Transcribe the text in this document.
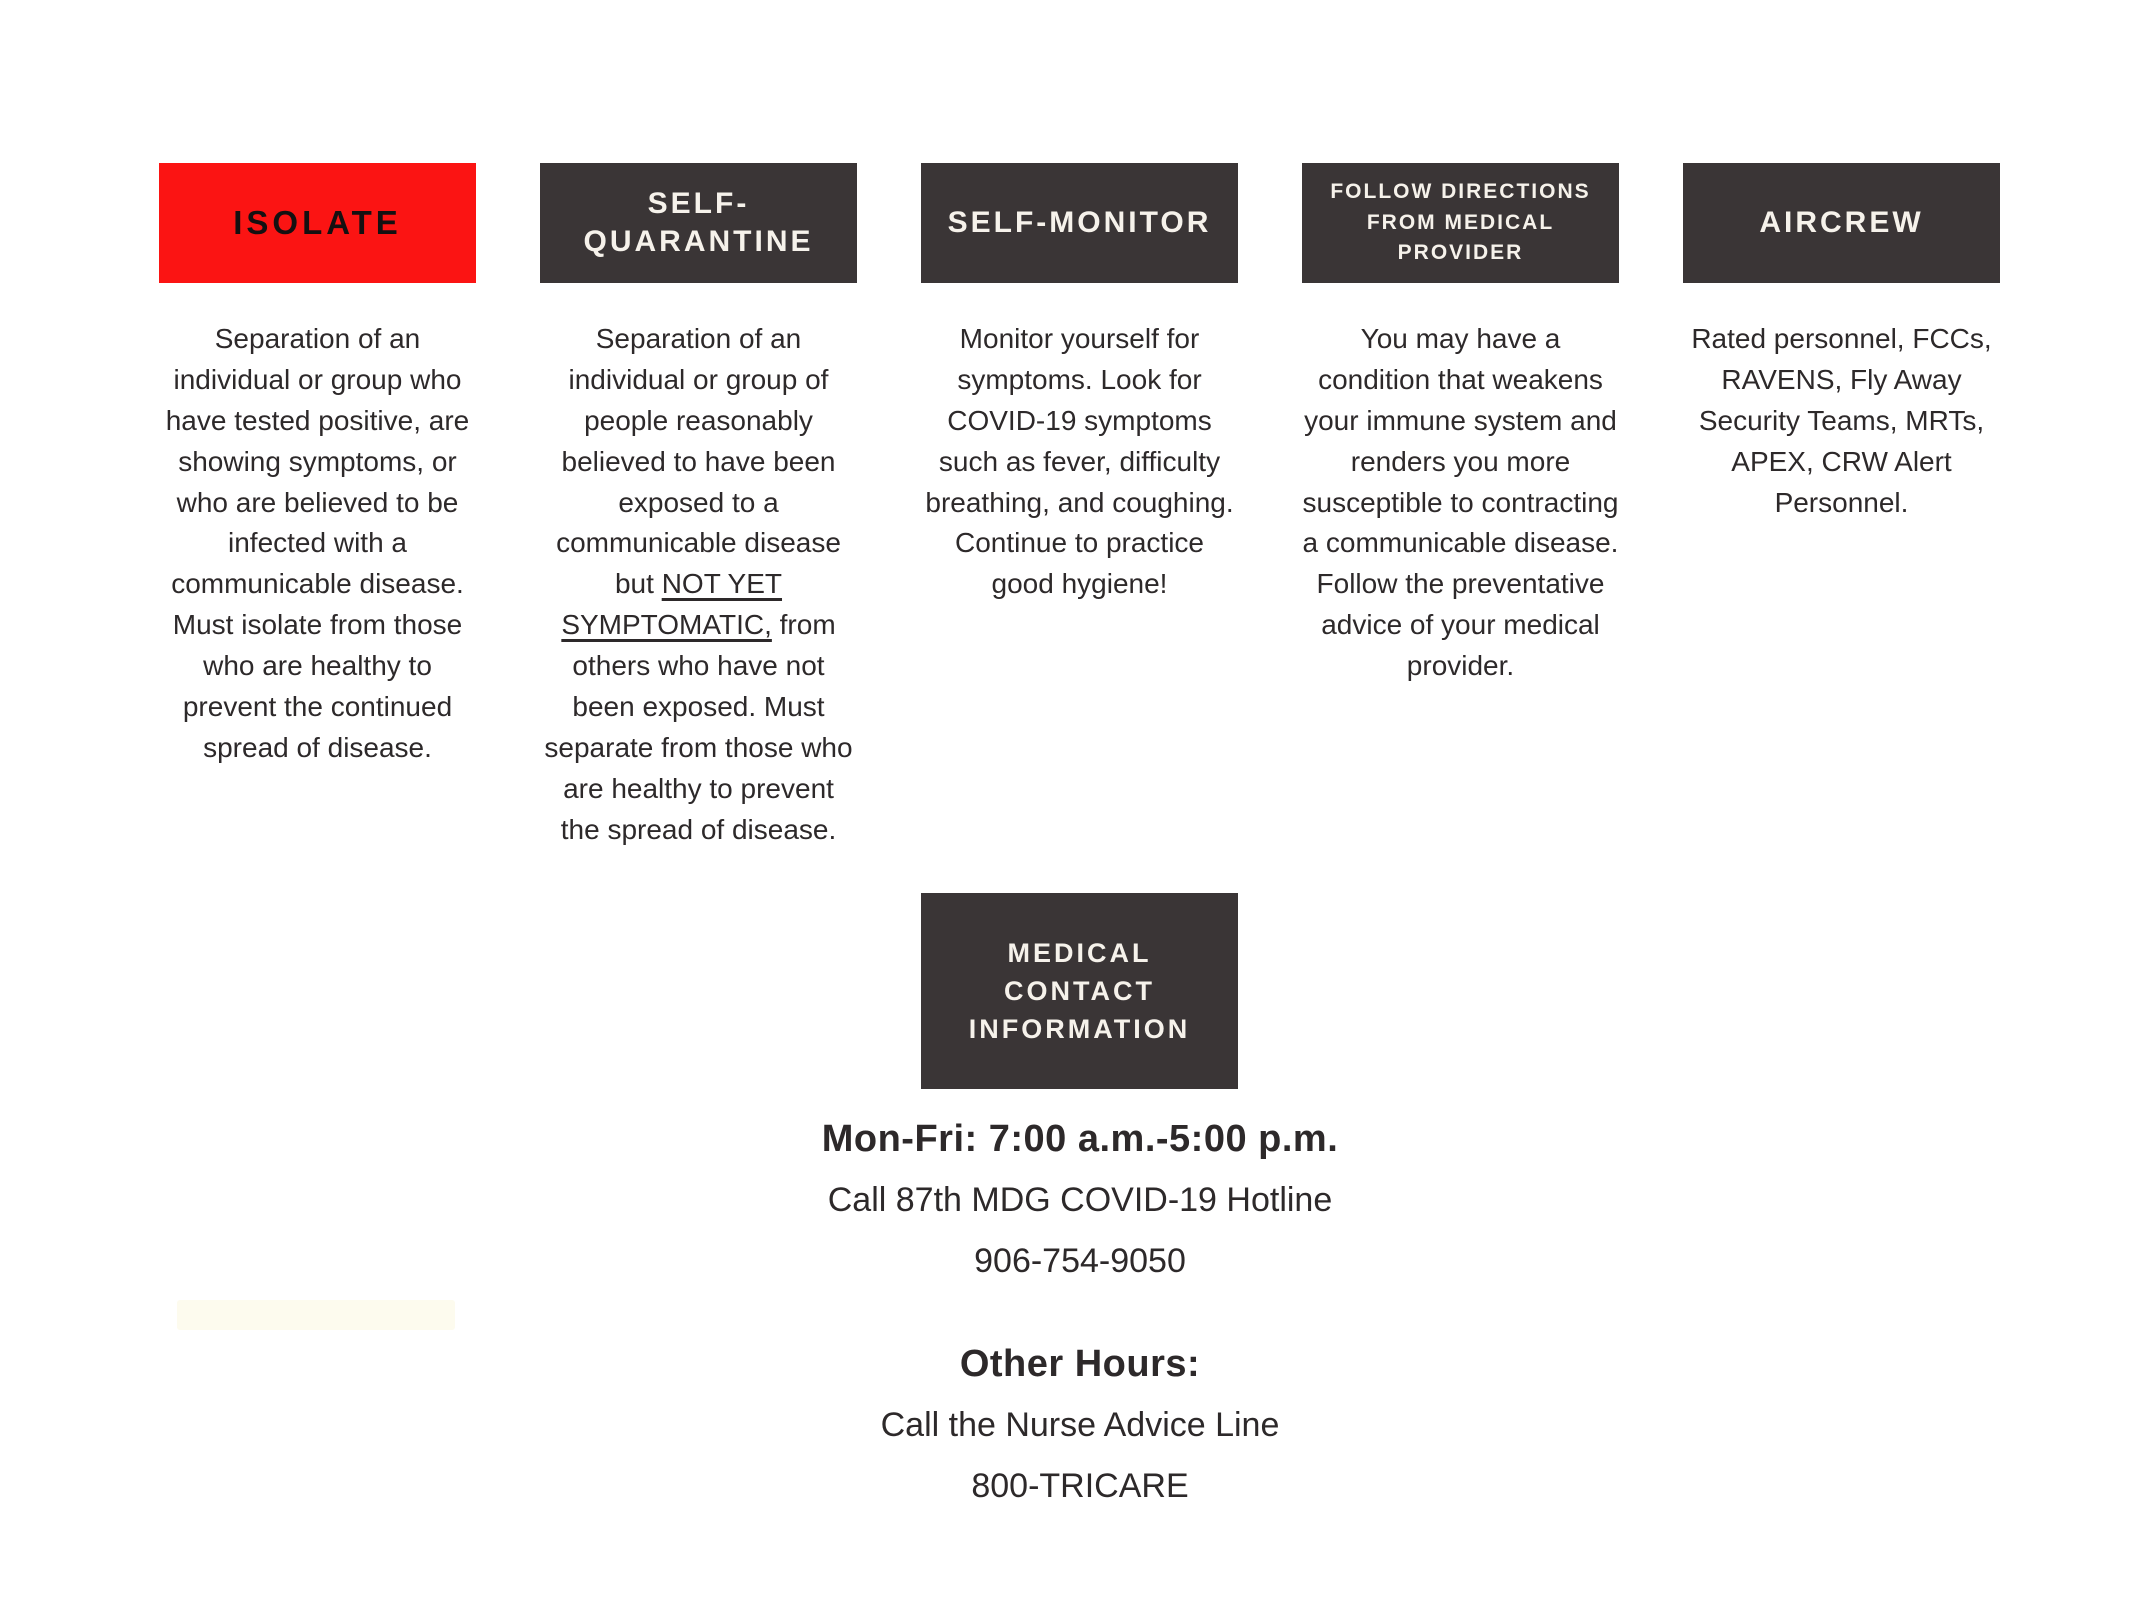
ISOLATE

Separation of an individual or group who have tested positive, are showing symptoms, or who are believed to be infected with a communicable disease. Must isolate from those who are healthy to prevent the continued spread of disease.

SELF-QUARANTINE

Separation of an individual or group of people reasonably believed to have been exposed to a communicable disease but NOT YET SYMPTOMATIC, from others who have not been exposed. Must separate from those who are healthy to prevent the spread of disease.

SELF-MONITOR

Monitor yourself for symptoms. Look for COVID-19 symptoms such as fever, difficulty breathing, and coughing. Continue to practice good hygiene!

FOLLOW DIRECTIONS FROM MEDICAL PROVIDER

You may have a condition that weakens your immune system and renders you more susceptible to contracting a communicable disease. Follow the preventative advice of your medical provider.

AIRCREW

Rated personnel, FCCs, RAVENS, Fly Away Security Teams, MRTs, APEX, CRW Alert Personnel.

MEDICAL CONTACT INFORMATION
Mon-Fri: 7:00 a.m.-5:00 p.m.
Call 87th MDG COVID-19 Hotline
906-754-9050
Other Hours:
Call the Nurse Advice Line
800-TRICARE
